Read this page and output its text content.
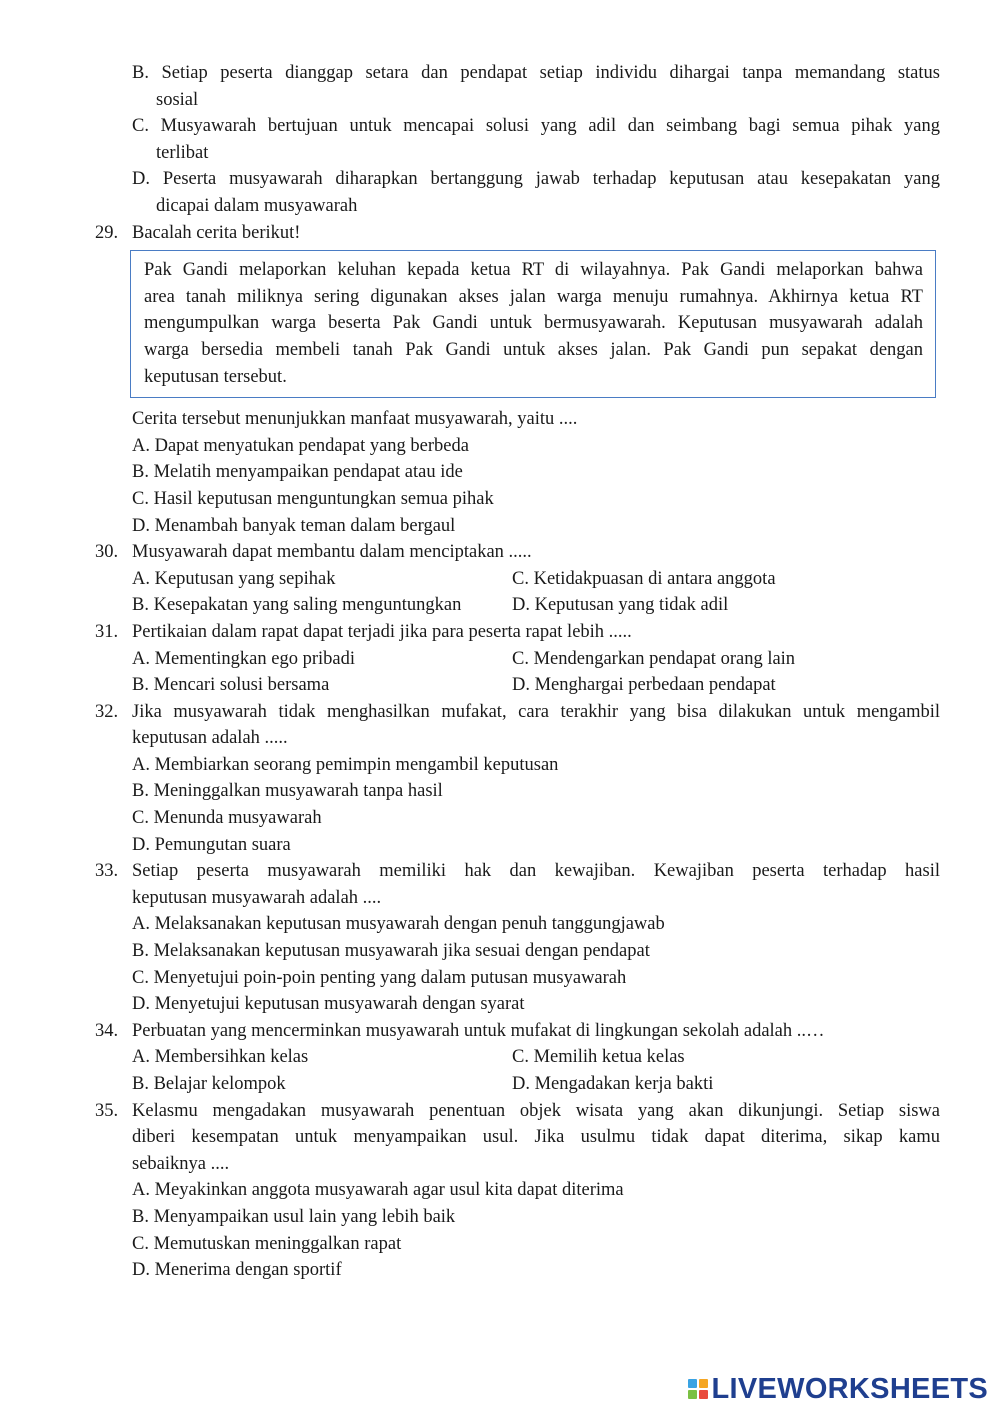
B. Setiap peserta dianggap setara dan pendapat setiap individu dihargai tanpa memandang status
sosial
C. Musyawarah bertujuan untuk mencapai solusi yang adil dan seimbang bagi semua pihak yang
terlibat
D. Peserta musyawarah diharapkan bertanggung jawab terhadap keputusan atau kesepakatan yang
dicapai dalam musyawarah
29. Bacalah cerita berikut!
Pak Gandi melaporkan keluhan kepada ketua RT di wilayahnya. Pak Gandi melaporkan bahwa
area tanah miliknya sering digunakan akses jalan warga menuju rumahnya. Akhirnya ketua RT
mengumpulkan warga beserta Pak Gandi untuk bermusyawarah. Keputusan musyawarah adalah
warga bersedia membeli tanah Pak Gandi untuk akses jalan. Pak Gandi pun sepakat dengan
keputusan tersebut.
Cerita tersebut menunjukkan manfaat musyawarah, yaitu ....
A. Dapat menyatukan pendapat yang berbeda
B. Melatih menyampaikan pendapat atau ide
C. Hasil keputusan menguntungkan semua pihak
D. Menambah banyak teman dalam bergaul
30. Musyawarah dapat membantu dalam menciptakan .....
A. Keputusan yang sepihak	C. Ketidakpuasan di antara anggota
B. Kesepakatan yang saling menguntungkan	D. Keputusan yang tidak adil
31. Pertikaian dalam rapat dapat terjadi jika para peserta rapat lebih .....
A. Mementingkan ego pribadi	C. Mendengarkan pendapat orang lain
B. Mencari solusi bersama	D. Menghargai perbedaan pendapat
32. Jika musyawarah tidak menghasilkan mufakat, cara terakhir yang bisa dilakukan untuk mengambil
keputusan adalah .....
A. Membiarkan seorang pemimpin mengambil keputusan
B. Meninggalkan musyawarah tanpa hasil
C. Menunda musyawarah
D. Pemungutan suara
33. Setiap peserta musyawarah memiliki hak dan kewajiban. Kewajiban peserta terhadap hasil
keputusan musyawarah adalah ....
A. Melaksanakan keputusan musyawarah dengan penuh tanggungjawab
B. Melaksanakan keputusan musyawarah jika sesuai dengan pendapat
C. Menyetujui poin-poin penting yang dalam putusan musyawarah
D. Menyetujui keputusan musyawarah dengan syarat
34. Perbuatan yang mencerminkan musyawarah untuk mufakat di lingkungan sekolah adalah ..…
A. Membersihkan kelas	C. Memilih ketua kelas
B. Belajar kelompok	D. Mengadakan kerja bakti
35. Kelasmu mengadakan musyawarah penentuan objek wisata yang akan dikunjungi. Setiap siswa
diberi kesempatan untuk menyampaikan usul. Jika usulmu tidak dapat diterima, sikap kamu
sebaiknya ....
A. Meyakinkan anggota musyawarah agar usul kita dapat diterima
B. Menyampaikan usul lain yang lebih baik
C. Memutuskan meninggalkan rapat
D. Menerima dengan sportif
LIVEWORKSHEETS
